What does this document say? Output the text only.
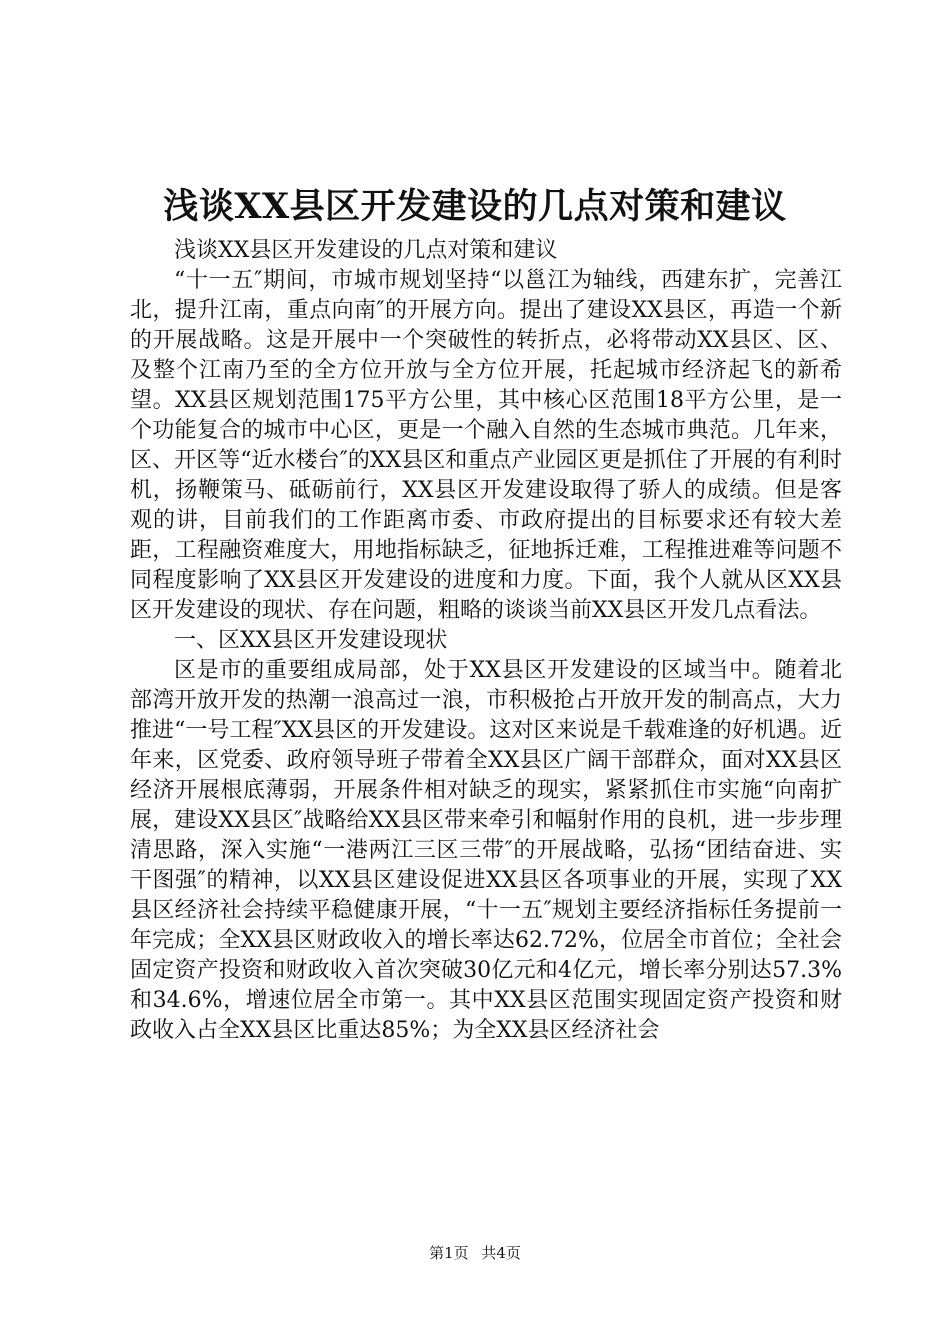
浅谈XX县区开发建设的几点对策和建议

浅谈XX县区开发建设的几点对策和建议

“十一五″期间，市城市规划坚持“以邕江为轴线，西建东扩，完善江北，提升江南，重点向南″的开展方向。提出了建设XX县区，再造一个新的开展战略。这是开展中一个突破性的转折点，必将带动XX县区、区、及整个江南乃至的全方位开放与全方位开展，托起城市经济起飞的新希望。XX县区规划范围175平方公里，其中核心区范围18平方公里，是一个功能复合的城市中心区，更是一个融入自然的生态城市典范。几年来，区、开区等“近水楼台″的XX县区和重点产业园区更是抓住了开展的有利时机，扬鞭策马、砥砺前行，XX县区开发建设取得了骄人的成绩。但是客观的讲，目前我们的工作距离市委、市政府提出的目标要求还有较大差距，工程融资难度大，用地指标缺乏，征地拆迁难，工程推进难等问题不同程度影响了XX县区开发建设的进度和力度。下面，我个人就从区XX县区开发建设的现状、存在问题，粗略的谈谈当前XX县区开发几点看法。

一、区XX县区开发建设现状

区是市的重要组成局部，处于XX县区开发建设的区域当中。随着北部湾开放开发的热潮一浪高过一浪，市积极抢占开放开发的制高点，大力推进“一号工程″XX县区的开发建设。这对区来说是千载难逢的好机遇。近年来，区党委、政府领导班子带着全XX县区广阔干部群众，面对XX县区经济开展根底薄弱，开展条件相对缺乏的现实，紧紧抓住市实施“向南扩展，建设XX县区″战略给XX县区带来牵引和幅射作用的良机，进一步步理清思路，深入实施“一港两江三区三带″的开展战略，弘扬“团结奋进、实干图强″的精神，以XX县区建设促进XX县区各项事业的开展，实现了XX县区经济社会持续平稳健康开展，“十一五″规划主要经济指标任务提前一年完成；全XX县区财政收入的增长率达62.72%，位居全市首位；全社会固定资产投资和财政收入首次突破30亿元和4亿元，增长率分别达57.3%和34.6%，增速位居全市第一。其中XX县区范围实现固定资产投资和财政收入占全XX县区比重达85%；为全XX县区经济社会

第1页 共4页
